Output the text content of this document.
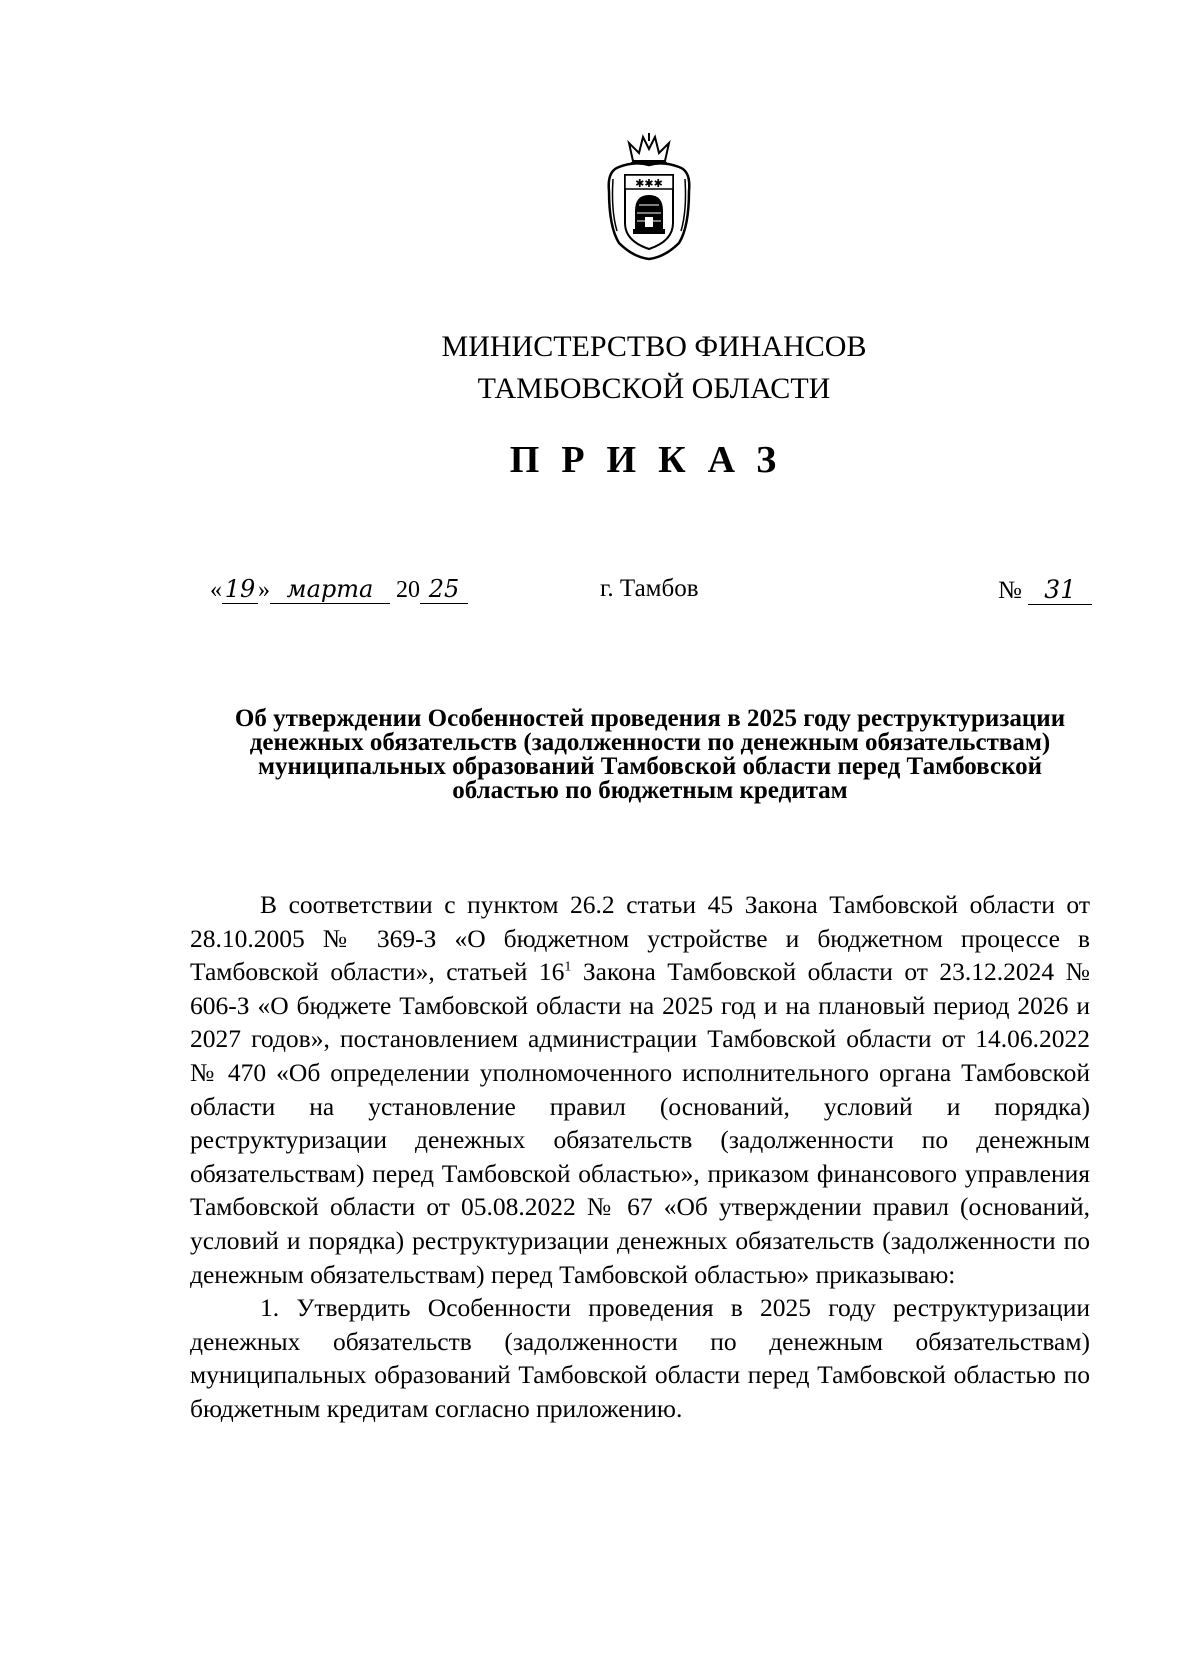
✱✱✱
МИНИСТЕРСТВО ФИНАНСОВ
ТАМБОВСКОЙ ОБЛАСТИ
ПРИКАЗ
« 19 » марта 20 25	г. Тамбов	№ 31
Об утверждении Особенностей проведения в 2025 году реструктуризации денежных обязательств (задолженности по денежным обязательствам) муниципальных образований Тамбовской области перед Тамбовской областью по бюджетным кредитам

В соответствии с пунктом 26.2 статьи 45 Закона Тамбовской области от 28.10.2005 № 369-З «О бюджетном устройстве и бюджетном процессе в Тамбовской области», статьей $16^1$ Закона Тамбовской области от 23.12.2024 № 606-З «О бюджете Тамбовской области на 2025 год и на плановый период 2026 и 2027 годов», постановлением администрации Тамбовской области от 14.06.2022 № 470 «Об определении уполномоченного исполнительного органа Тамбовской области на установление правил (оснований, условий и порядка) реструктуризации денежных обязательств (задолженности по денежным обязательствам) перед Тамбовской областью», приказом финансового управления Тамбовской области от 05.08.2022 № 67 «Об утверждении правил (оснований, условий и порядка) реструктуризации денежных обязательств (задолженности по денежным обязательствам) перед Тамбовской областью» приказываю:

1. Утвердить Особенности проведения в 2025 году реструктуризации денежных обязательств (задолженности по денежным обязательствам) муниципальных образований Тамбовской области перед Тамбовской областью по бюджетным кредитам согласно приложению.
